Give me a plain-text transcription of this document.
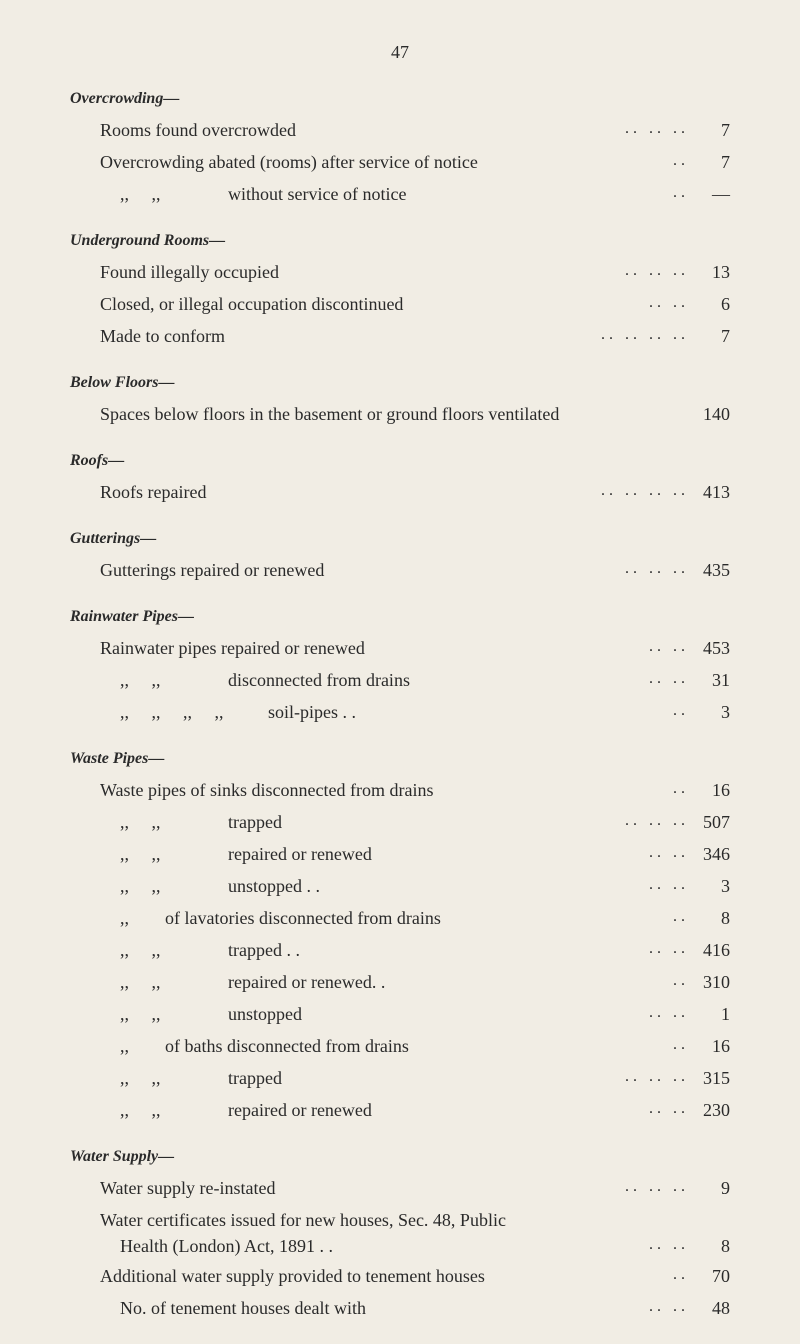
47
Overcrowding—
Rooms found overcrowded	. .   . .   . . 7
Overcrowding abated (rooms) after service of notice	. . 7
,,     ,,	without service of notice	. . —
Underground Rooms—
Found illegally occupied	. .   . .   . . 13
Closed, or illegal occupation discontinued	. .   . . 6
Made to conform	. .   . .   . .   . . 7
Below Floors—
Spaces below floors in the basement or ground floors ventilated	140
Roofs—
Roofs repaired	. .   . .   . .   . . 413
Gutterings—
Gutterings repaired or renewed	. .   . .   . . 435
Rainwater Pipes—
Rainwater pipes repaired or renewed	. .   . . 453
,,     ,,	disconnected from drains	. .   . . 31
,,     ,,     ,,     ,, soil-pipes . .	. . 3
Waste Pipes—
Waste pipes of sinks disconnected from drains	. . 16
,,     ,,	trapped	. .   . .   . . 507
,,     ,,	repaired or renewed	. .   . . 346
,,     ,,	unstopped . .	. .   . . 3
,, of lavatories disconnected from drains	. . 8
,,     ,,	trapped . .	. .   . . 416
,,     ,,	repaired or renewed. .	. . 310
,,     ,,	unstopped	. .   . . 1
,, of baths disconnected from drains	. . 16
,,     ,,	trapped	. .   . .   . . 315
,,     ,,	repaired or renewed	. .   . . 230
Water Supply—
Water supply re-instated	. .   . .   . . 9
Water certificates issued for new houses, Sec. 48, Public
Health (London) Act, 1891 . .	. .   . . 8
Additional water supply provided to tenement houses	. . 70
No. of tenement houses dealt with	. .   . . 48
